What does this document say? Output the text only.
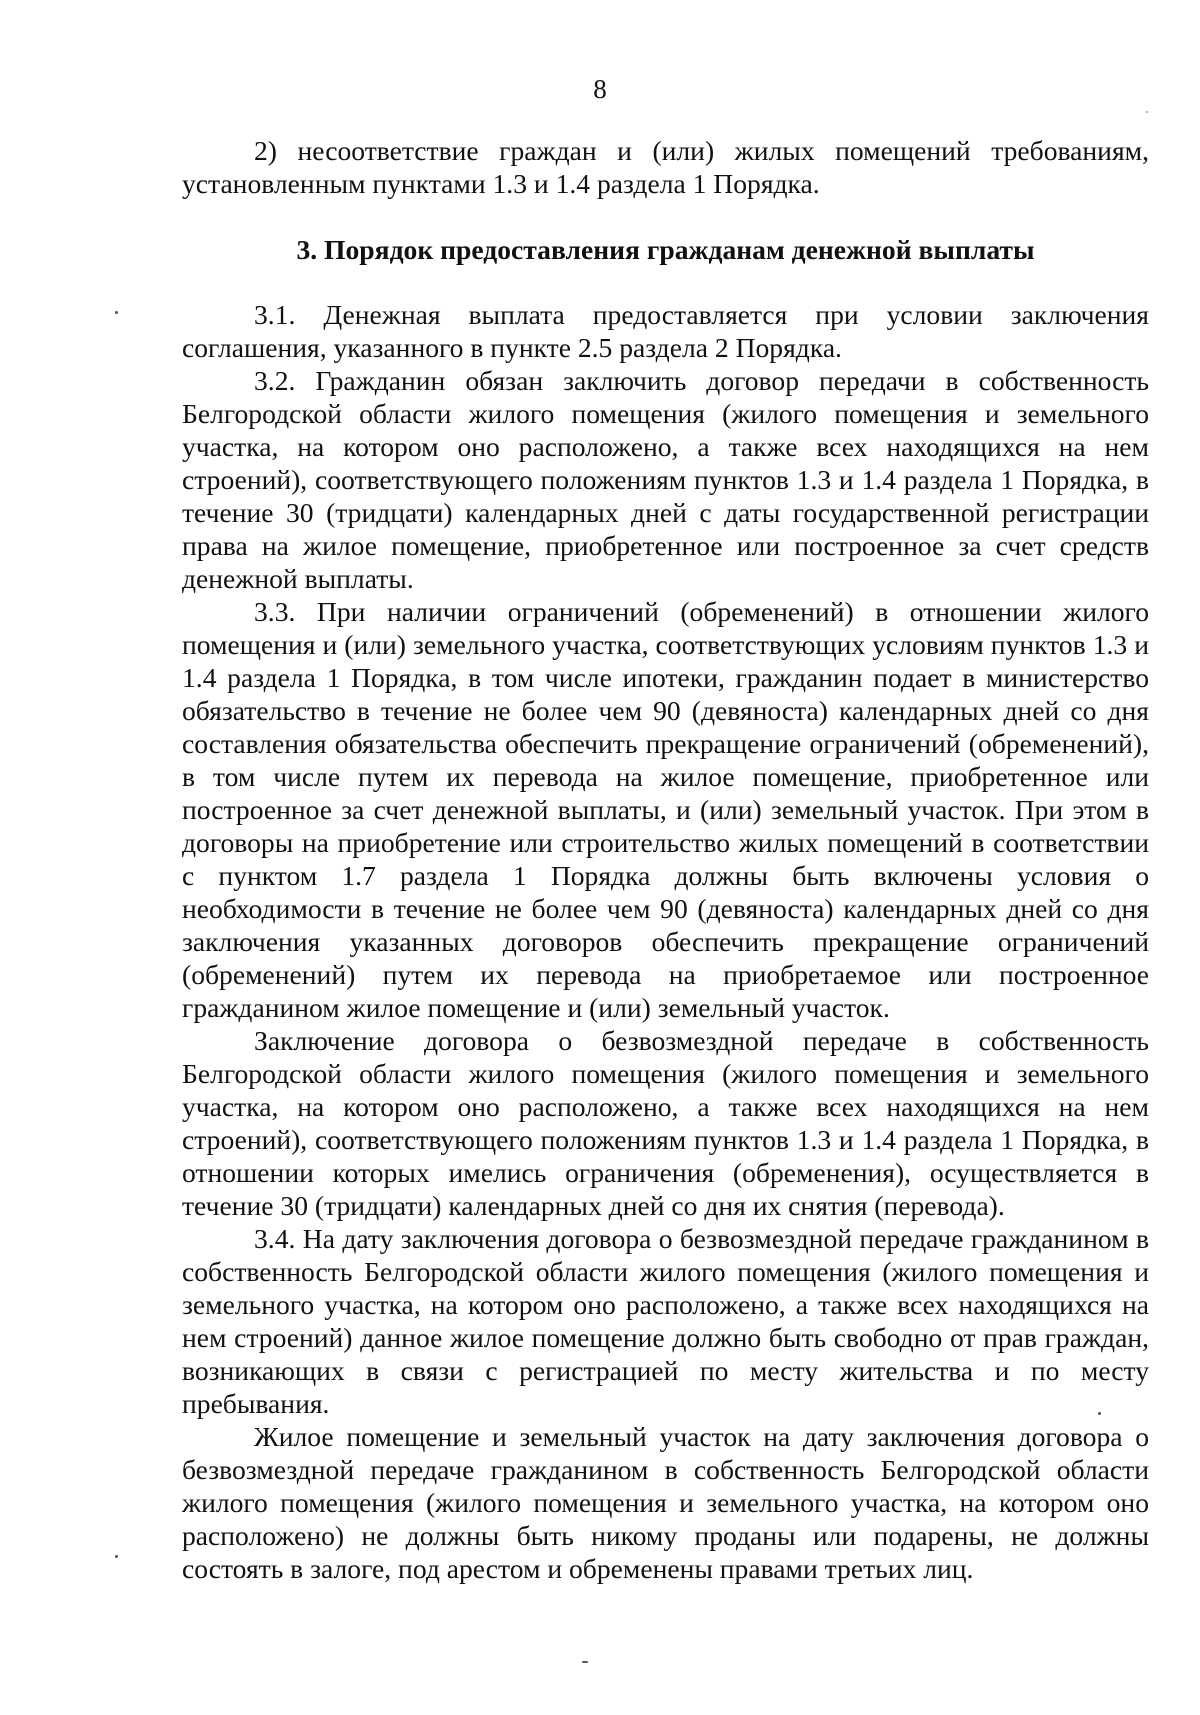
8

2) несоответствие граждан и (или) жилых помещений требованиям, установленным пунктами 1.3 и 1.4 раздела 1 Порядка.

3. Порядок предоставления гражданам денежной выплаты

3.1. Денежная выплата предоставляется при условии заключения соглашения, указанного в пункте 2.5 раздела 2 Порядка.

3.2. Гражданин обязан заключить договор передачи в собственность Белгородской области жилого помещения (жилого помещения и земельного участка, на котором оно расположено, а также всех находящихся на нем строений), соответствующего положениям пунктов 1.3 и 1.4 раздела 1 Порядка, в течение 30 (тридцати) календарных дней с даты государственной регистрации права на жилое помещение, приобретенное или построенное за счет средств денежной выплаты.

3.3. При наличии ограничений (обременений) в отношении жилого помещения и (или) земельного участка, соответствующих условиям пунктов 1.3 и 1.4 раздела 1 Порядка, в том числе ипотеки, гражданин подает в министерство обязательство в течение не более чем 90 (девяноста) календарных дней со дня составления обязательства обеспечить прекращение ограничений (обременений), в том числе путем их перевода на жилое помещение, приобретенное или построенное за счет денежной выплаты, и (или) земельный участок. При этом в договоры на приобретение или строительство жилых помещений в соответствии с пунктом 1.7 раздела 1 Порядка должны быть включены условия о необходимости в течение не более чем 90 (девяноста) календарных дней со дня заключения указанных договоров обеспечить прекращение ограничений (обременений) путем их перевода на приобретаемое или построенное гражданином жилое помещение и (или) земельный участок.

Заключение договора о безвозмездной передаче в собственность Белгородской области жилого помещения (жилого помещения и земельного участка, на котором оно расположено, а также всех находящихся на нем строений), соответствующего положениям пунктов 1.3 и 1.4 раздела 1 Порядка, в отношении которых имелись ограничения (обременения), осуществляется в течение 30 (тридцати) календарных дней со дня их снятия (перевода).

3.4. На дату заключения договора о безвозмездной передаче гражданином в собственность Белгородской области жилого помещения (жилого помещения и земельного участка, на котором оно расположено, а также всех находящихся на нем строений) данное жилое помещение должно быть свободно от прав граждан, возникающих в связи с регистрацией по месту жительства и по месту пребывания.

Жилое помещение и земельный участок на дату заключения договора о безвозмездной передаче гражданином в собственность Белгородской области жилого помещения (жилого помещения и земельного участка, на котором оно расположено) не должны быть никому проданы или подарены, не должны состоять в залоге, под арестом и обременены правами третьих лиц.
